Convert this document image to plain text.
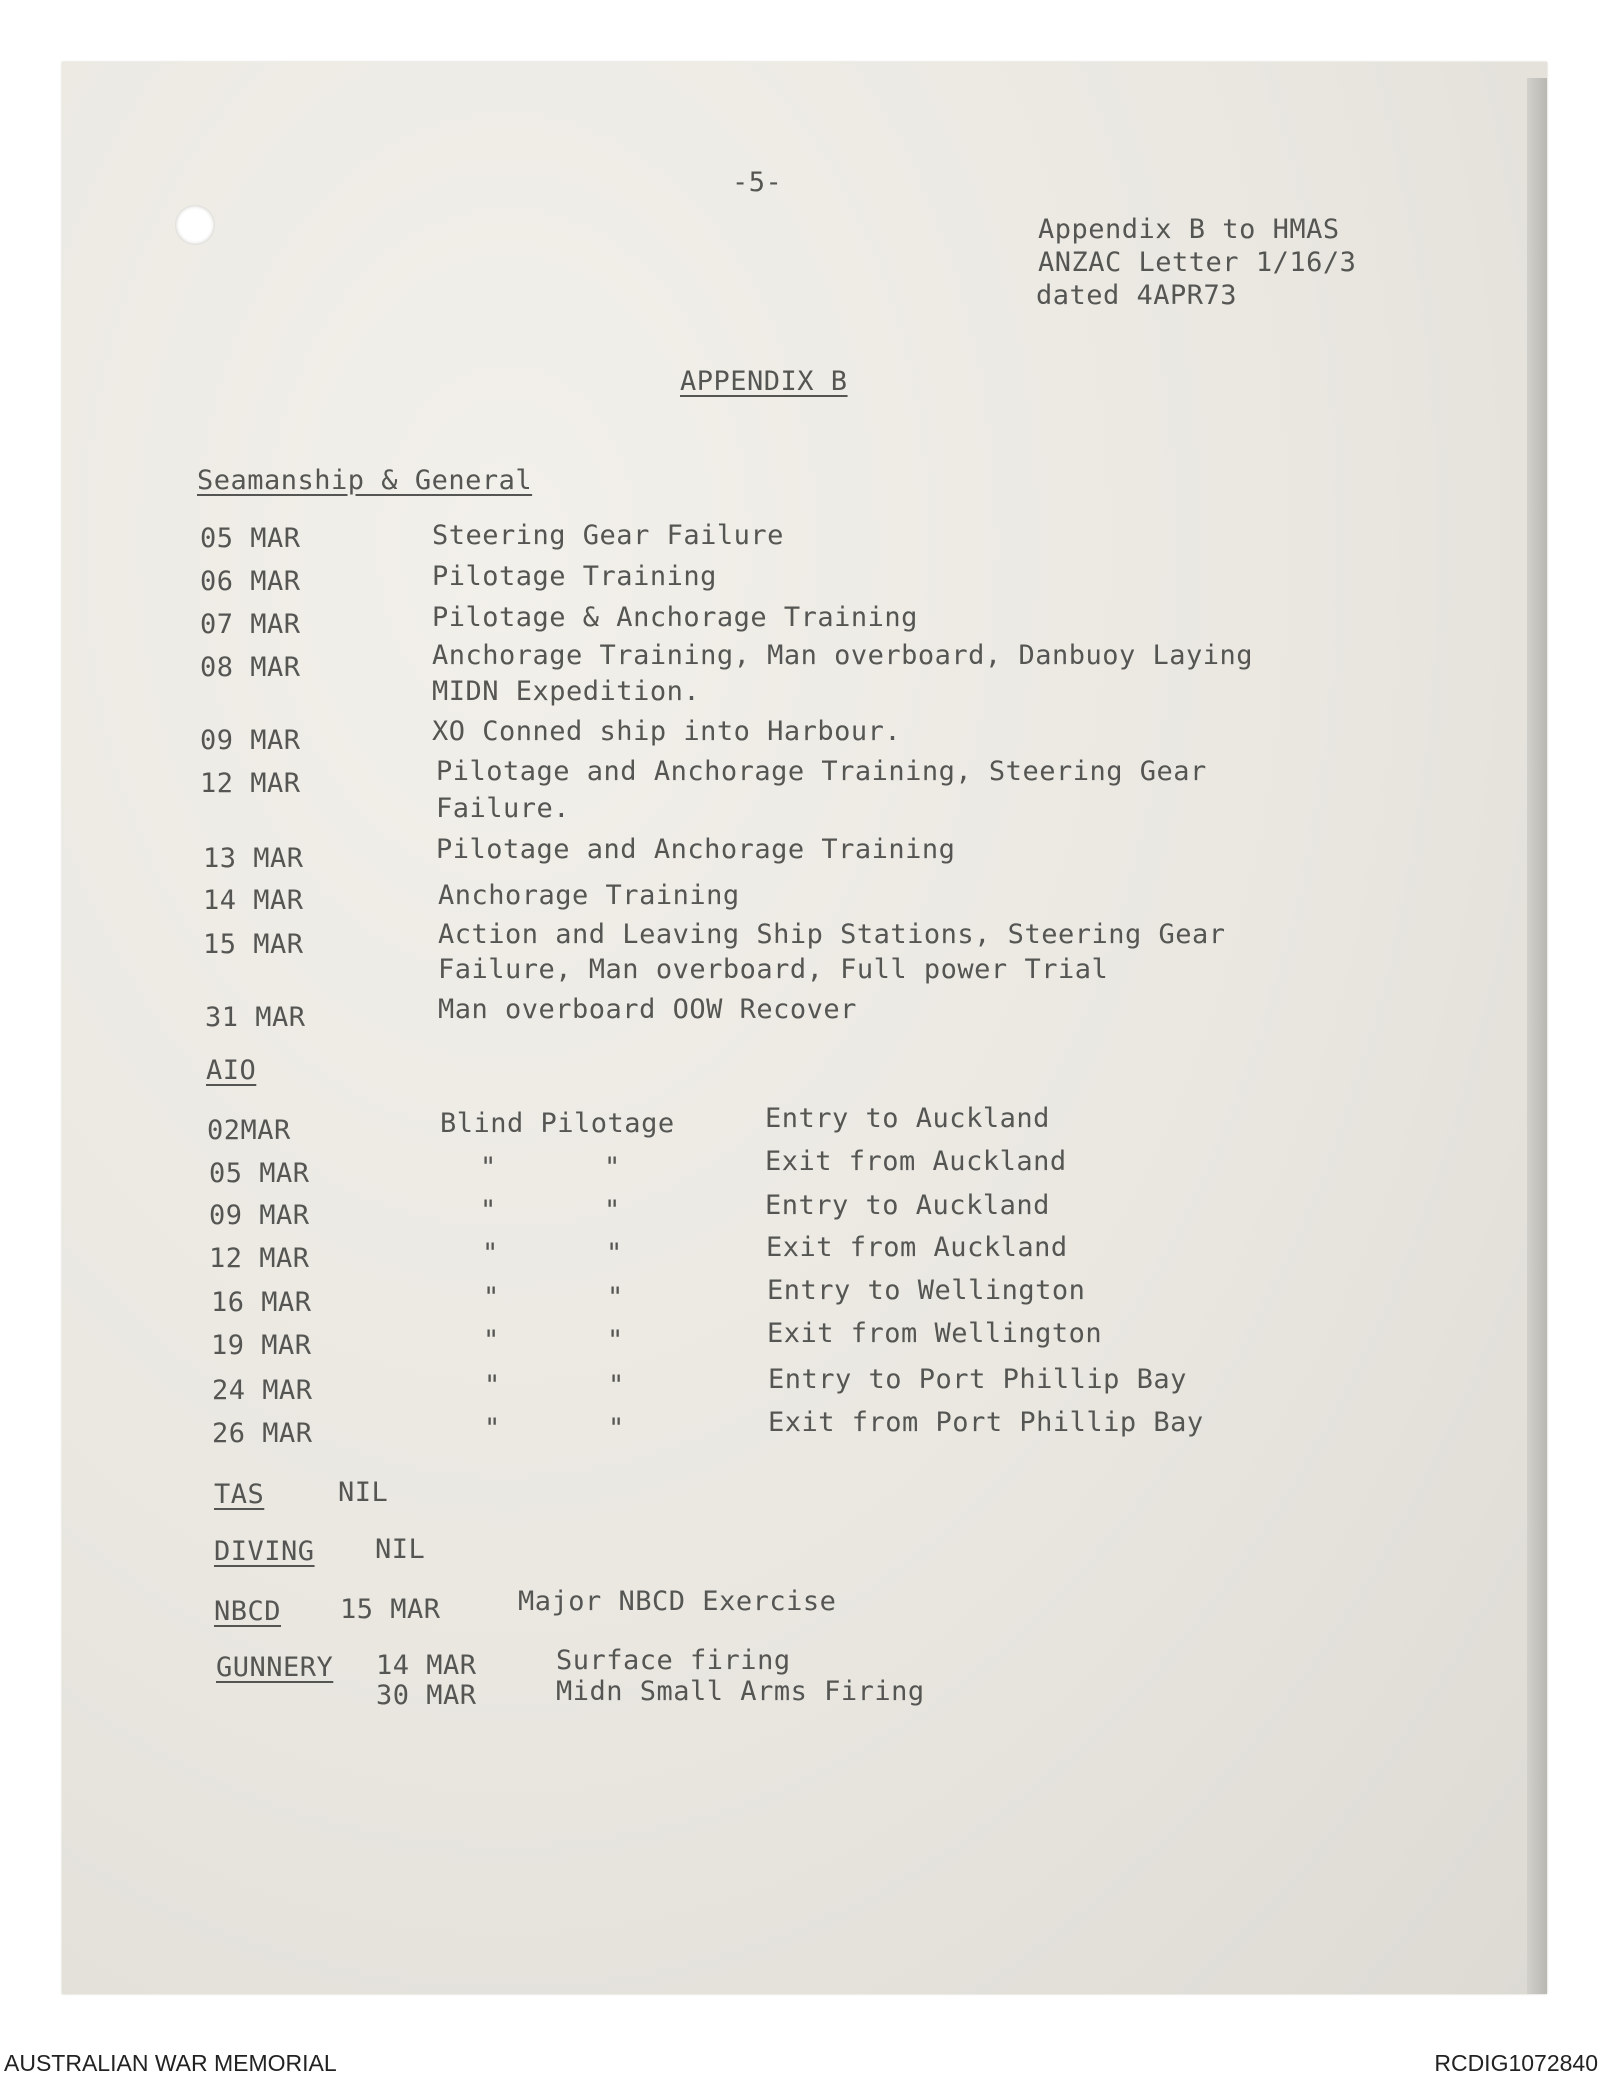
-5-
Appendix B to HMAS
ANZAC Letter 1/16/3
dated 4APR73
APPENDIX B
Seamanship & General
05 MAR	Steering Gear Failure
06 MAR	Pilotage Training
07 MAR	Pilotage & Anchorage Training
08 MAR	Anchorage Training, Man overboard, Danbuoy Laying
MIDN Expedition.
09 MAR	XO Conned ship into Harbour.
12 MAR	Pilotage and Anchorage Training, Steering Gear
Failure.
13 MAR	Pilotage and Anchorage Training
14 MAR	Anchorage Training
15 MAR	Action and Leaving Ship Stations, Steering Gear
Failure, Man overboard, Full power Trial
31 MAR	Man overboard OOW Recover
AIO
02MAR	Blind Pilotage	Entry to Auckland
05 MAR	"	"	Exit from Auckland
09 MAR	"	"	Entry to Auckland
12 MAR	"	"	Exit from Auckland
16 MAR	"	"	Entry to Wellington
19 MAR	"	"	Exit from Wellington
24 MAR	"	"	Entry to Port Phillip Bay
26 MAR	"	"	Exit from Port Phillip Bay
TAS	NIL
DIVING NIL
NBCD 15 MAR	Major NBCD Exercise
GUNNERY 14 MAR	Surface firing
30 MAR	Midn Small Arms Firing
AUSTRALIAN WAR MEMORIAL	RCDIG1072840
